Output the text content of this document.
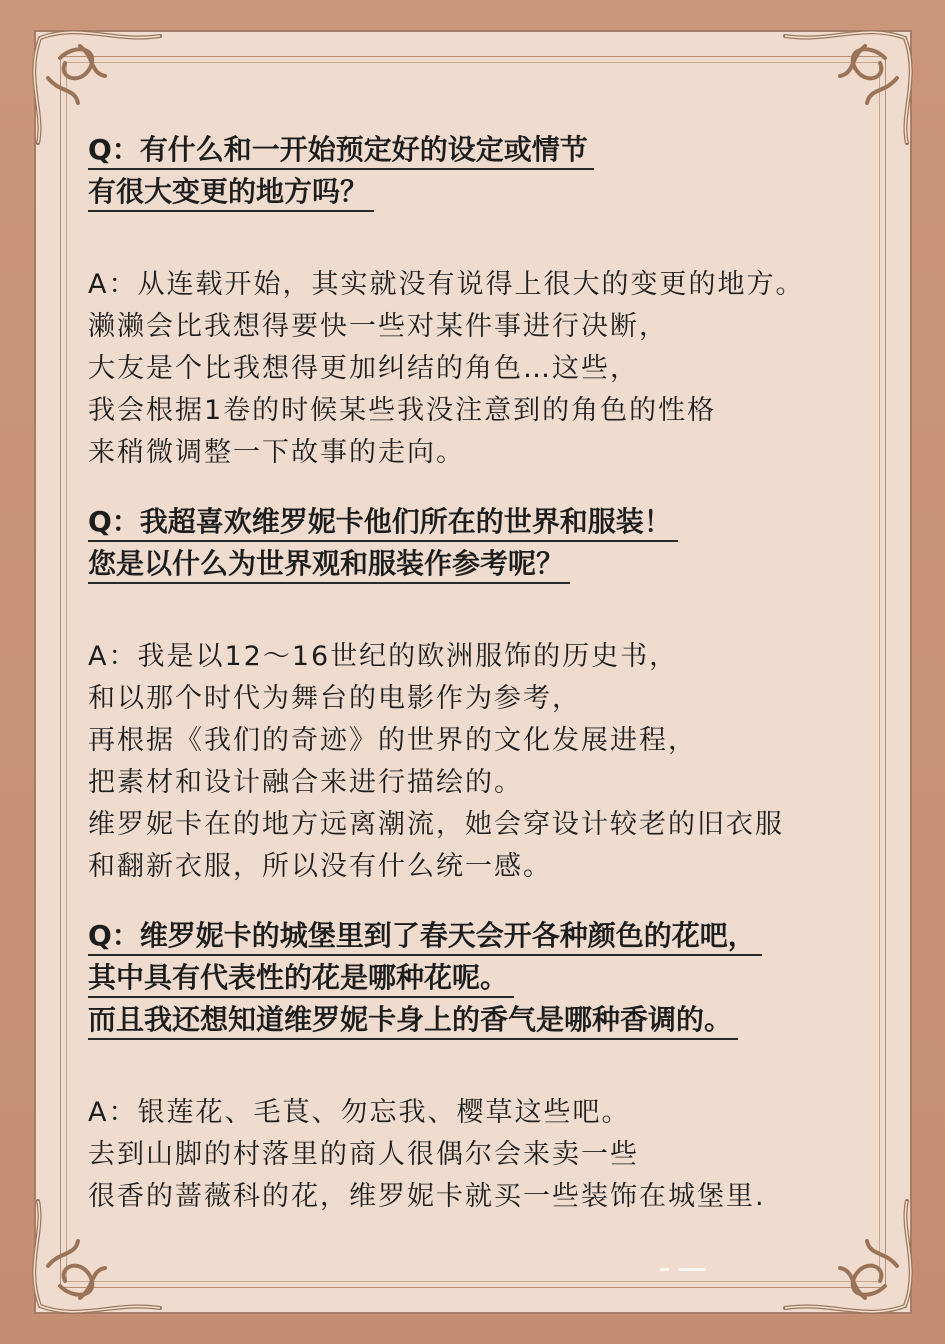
Q：有什么和一开始预定好的设定或情节
有很大变更的地方吗？
A：从连载开始，其实就没有说得上很大的变更的地方。
濑濑会比我想得要快一些对某件事进行决断，
大友是个比我想得更加纠结的角色…这些，
我会根据1卷的时候某些我没注意到的角色的性格
来稍微调整一下故事的走向。
Q：我超喜欢维罗妮卡他们所在的世界和服装！
您是以什么为世界观和服装作参考呢？
A：我是以12〜16世纪的欧洲服饰的历史书，
和以那个时代为舞台的电影作为参考，
再根据《我们的奇迹》的世界的文化发展进程，
把素材和设计融合来进行描绘的。
维罗妮卡在的地方远离潮流，她会穿设计较老的旧衣服
和翻新衣服，所以没有什么统一感。
Q：维罗妮卡的城堡里到了春天会开各种颜色的花吧，
其中具有代表性的花是哪种花呢。
而且我还想知道维罗妮卡身上的香气是哪种香调的。
A：银莲花、毛茛、勿忘我、樱草这些吧。
去到山脚的村落里的商人很偶尔会来卖一些
很香的蔷薇科的花，维罗妮卡就买一些装饰在城堡里.
